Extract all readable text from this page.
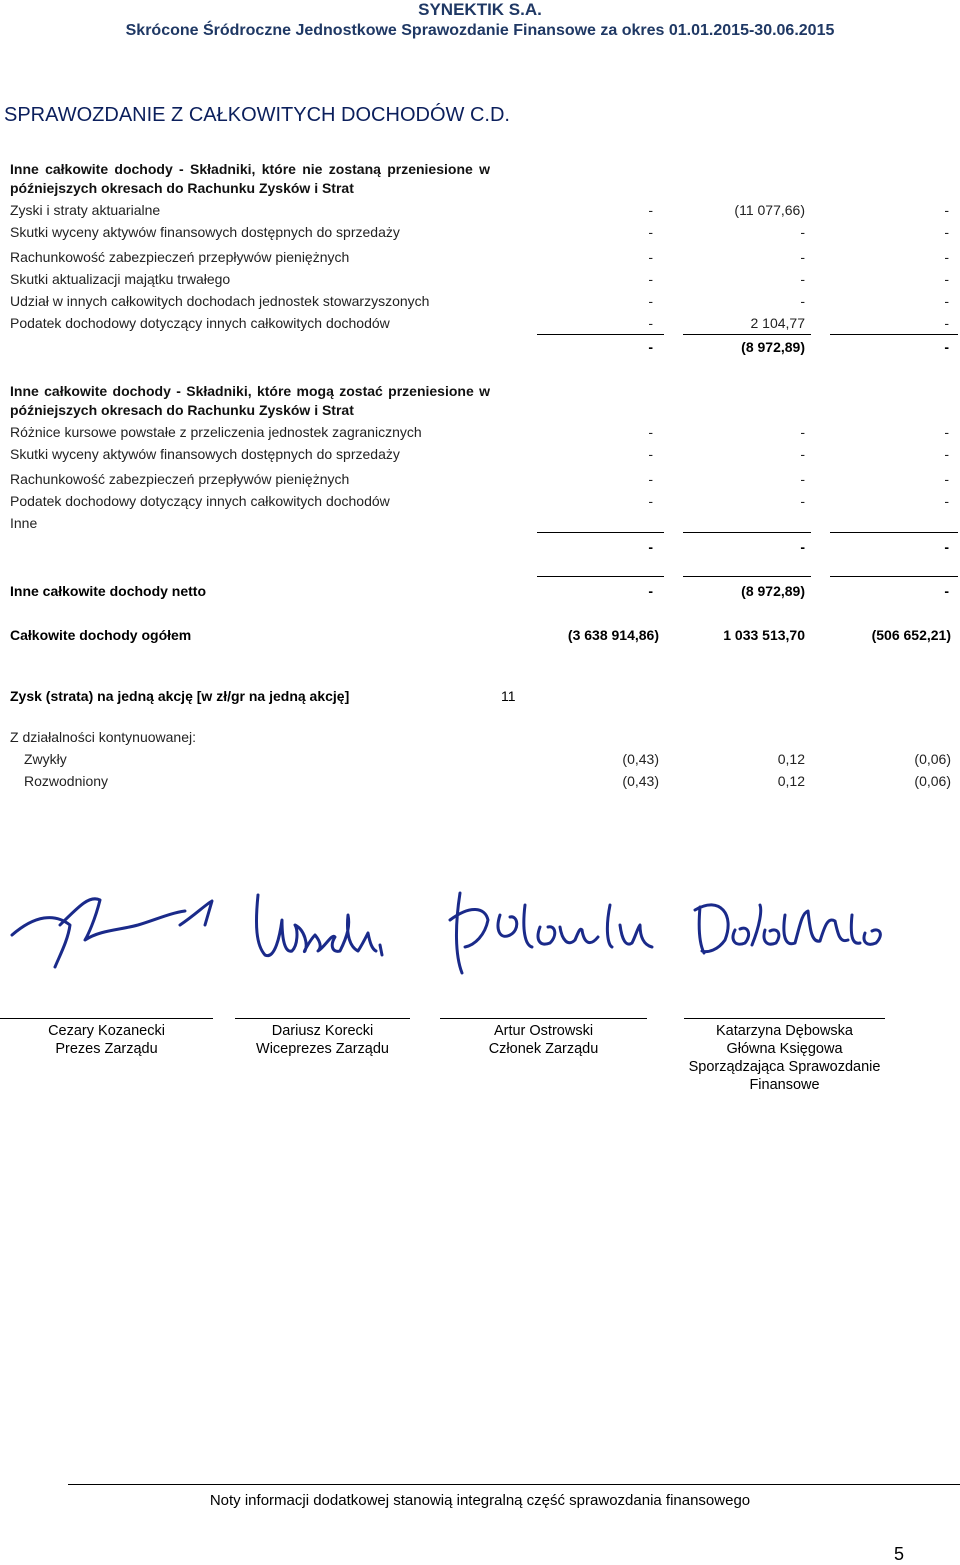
SYNEKTIK S.A.
Skrócone Śródroczne Jednostkowe Sprawozdanie Finansowe za okres 01.01.2015-30.06.2015
SPRAWOZDANIE Z CAŁKOWITYCH DOCHODÓW C.D.
Inne całkowite dochody - Składniki, które nie zostaną przeniesione w późniejszych okresach do Rachunku Zysków i Strat
Zyski i straty aktuarialne	-	(11 077,66)	-
Skutki wyceny aktywów finansowych dostępnych do sprzedaży	-	-	-
Rachunkowość zabezpieczeń przepływów pieniężnych	-	-	-
Skutki aktualizacji majątku trwałego	-	-	-
Udział w innych całkowitych dochodach jednostek stowarzyszonych	-	-	-
Podatek dochodowy dotyczący innych całkowitych dochodów	-	2 104,77	-
-	(8 972,89)	-
Inne całkowite dochody - Składniki, które mogą zostać przeniesione w późniejszych okresach do Rachunku Zysków i Strat
Różnice kursowe powstałe z przeliczenia jednostek zagranicznych	-	-	-
Skutki wyceny aktywów finansowych dostępnych do sprzedaży	-	-	-
Rachunkowość zabezpieczeń przepływów pieniężnych	-	-	-
Podatek dochodowy dotyczący innych całkowitych dochodów	-	-	-
Inne
-	-	-
Inne całkowite dochody netto	-	(8 972,89)	-
Całkowite dochody ogółem	(3 638 914,86)	1 033 513,70	(506 652,21)
Zysk (strata) na jedną akcję [w zł/gr na jedną akcję]	11
Z działalności kontynuowanej:
Zwykły	(0,43)	0,12	(0,06)
Rozwodniony	(0,43)	0,12	(0,06)
Cezary Kozanecki
Prezes Zarządu
Dariusz Korecki
Wiceprezes Zarządu
Artur Ostrowski
Członek Zarządu
Katarzyna Dębowska
Główna Księgowa
Sporządzająca Sprawozdanie
Finansowe
Noty informacji dodatkowej stanowią integralną część sprawozdania finansowego
5
